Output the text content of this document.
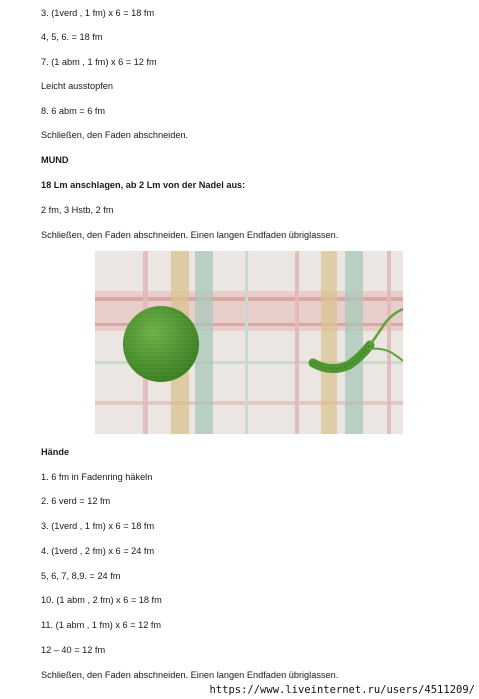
3. (1verd , 1 fm) x 6 = 18 fm

4, 5, 6. = 18 fm

7. (1 abm , 1 fm) x 6 = 12 fm

Leicht ausstopfen

8. 6 abm = 6 fm

Schließen, den Faden abschneiden.

MUND

18 Lm anschlagen, ab 2 Lm von der Nadel aus:

2 fm, 3 Hstb, 2 fm

Schließen, den Faden abschneiden. Einen langen Endfaden übriglassen.

Hände

1. 6 fm in Fadenring häkeln

2. 6 verd = 12 fm

3. (1verd , 1 fm) x 6 = 18 fm

4. (1verd , 2 fm) x 6 = 24 fm

5, 6, 7, 8,9. = 24 fm

10. (1 abm , 2 fm) x 6 = 18 fm

11. (1 abm , 1 fm) x 6 = 12 fm

12 – 40 = 12 fm

Schließen, den Faden abschneiden. Einen langen Endfaden übriglassen.

https://www.liveinternet.ru/users/4511209/
